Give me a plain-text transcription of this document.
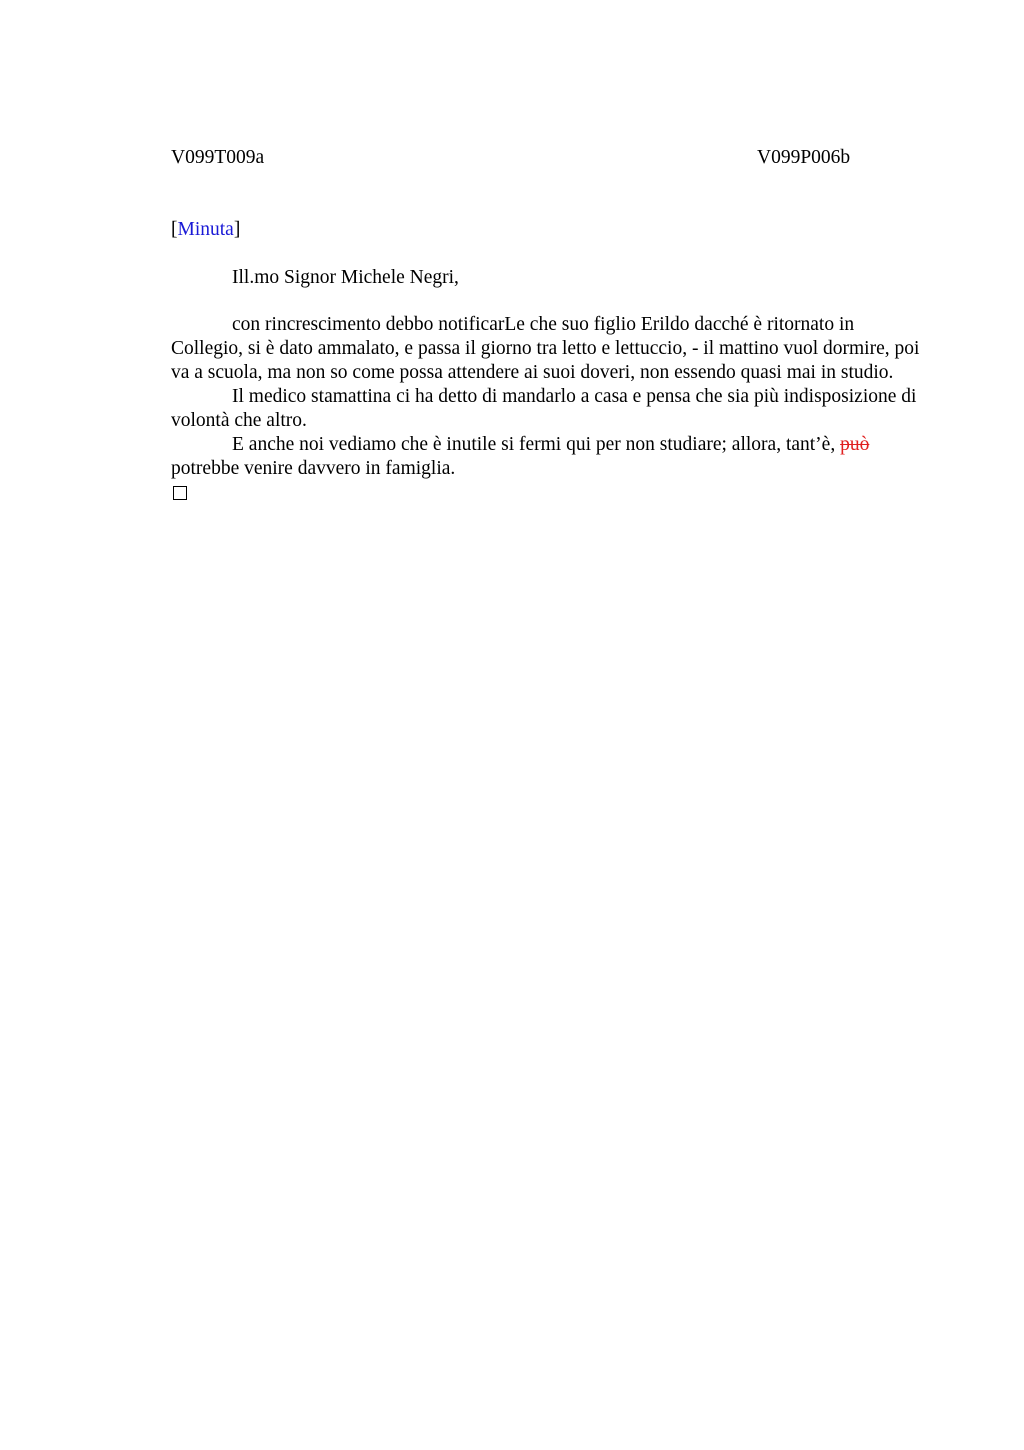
V099T009a	V099P006b

[Minuta]

Ill.mo Signor Michele Negri,

con rincrescimento debbo notificarLe che suo figlio Erildo dacché è ritornato in Collegio, si è dato ammalato, e passa il giorno tra letto e lettuccio, - il mattino vuol dormire, poi va a scuola, ma non so come possa attendere ai suoi doveri, non essendo quasi mai in studio.

Il medico stamattina ci ha detto di mandarlo a casa e pensa che sia più indisposizione di volontà che altro.

E anche noi vediamo che è inutile si fermi qui per non studiare; allora, tant’è, può potrebbe venire davvero in famiglia.
